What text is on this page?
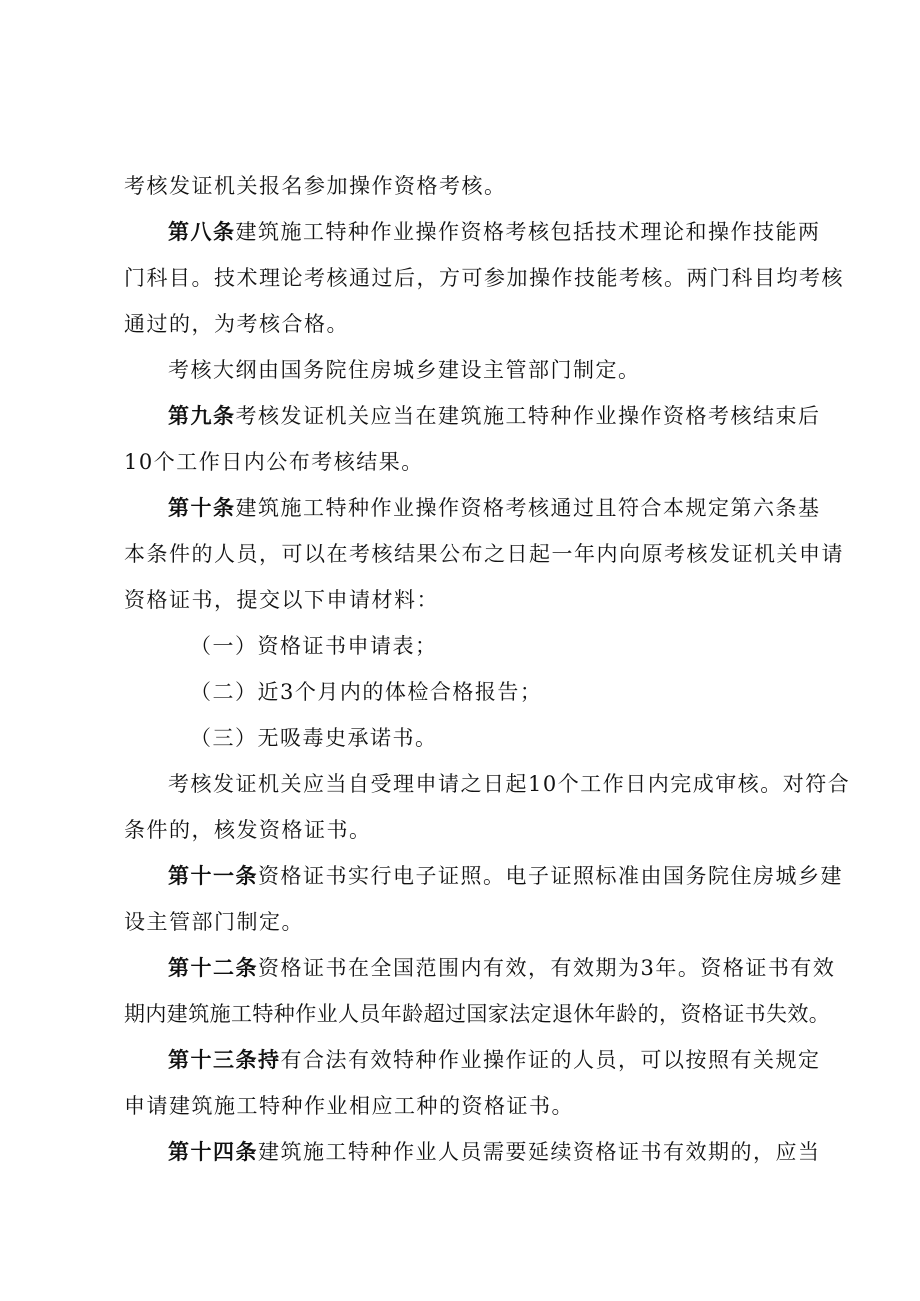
考核发证机关报名参加操作资格考核。
第八条建筑施工特种作业操作资格考核包括技术理论和操作技能两
门科目。技术理论考核通过后，方可参加操作技能考核。两门科目均考核
通过的，为考核合格。
考核大纲由国务院住房城乡建设主管部门制定。
第九条考核发证机关应当在建筑施工特种作业操作资格考核结束后
10个工作日内公布考核结果。
第十条建筑施工特种作业操作资格考核通过且符合本规定第六条基
本条件的人员，可以在考核结果公布之日起一年内向原考核发证机关申请
资格证书，提交以下申请材料：
（一）资格证书申请表；
（二）近3个月内的体检合格报告；
（三）无吸毒史承诺书。
考核发证机关应当自受理申请之日起10个工作日内完成审核。对符合
条件的，核发资格证书。
第十一条资格证书实行电子证照。电子证照标准由国务院住房城乡建
设主管部门制定。
第十二条资格证书在全国范围内有效，有效期为3年。资格证书有效
期内建筑施工特种作业人员年龄超过国家法定退休年龄的，资格证书失效。
第十三条持有合法有效特种作业操作证的人员，可以按照有关规定
申请建筑施工特种作业相应工种的资格证书。
第十四条建筑施工特种作业人员需要延续资格证书有效期的，应当
